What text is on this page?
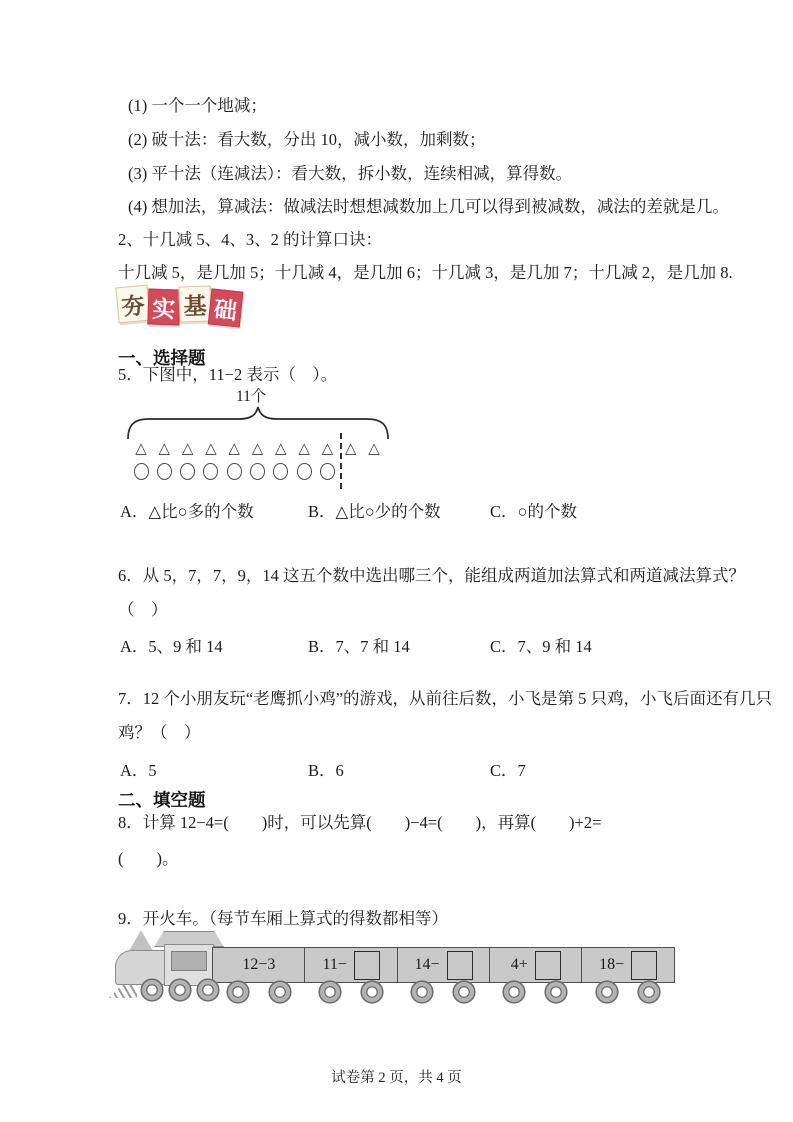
(1) 一个一个地减；
(2) 破十法：看大数，分出 10，减小数，加剩数；
(3) 平十法（连减法）：看大数，拆小数，连续相减，算得数。
(4) 想加法，算减法：做减法时想想减数加上几可以得到被减数，减法的差就是几。
2、十几减 5、4、3、2 的计算口诀：
十几减 5，是几加 5；十几减 4，是几加 6；十几减 3，是几加 7；十几减 2，是几加 8.
夯 实 基 础
一、选择题
5．下图中，11−2 表示（　）。
11个
△ △ △ △ △ △ △ △ △ △ △
A．△比○多的个数	B．△比○少的个数	C．○的个数
6．从 5，7，7，9，14 这五个数中选出哪三个，能组成两道加法算式和两道减法算式？
（　）
A．5、9 和 14	B．7、7 和 14	C．7、9 和 14
7．12 个小朋友玩“老鹰抓小鸡”的游戏，从前往后数，小飞是第 5 只鸡，小飞后面还有几只
鸡？（　）
A．5	B．6	C．7
二、填空题
8．计算 12−4=(　　)时，可以先算(　　)−4=(　　)，再算(　　)+2=
(　　)。
9．开火车。（每节车厢上算式的得数都相等）
12−3	11−	14−	4+	18−
试卷第 2 页，共 4 页
